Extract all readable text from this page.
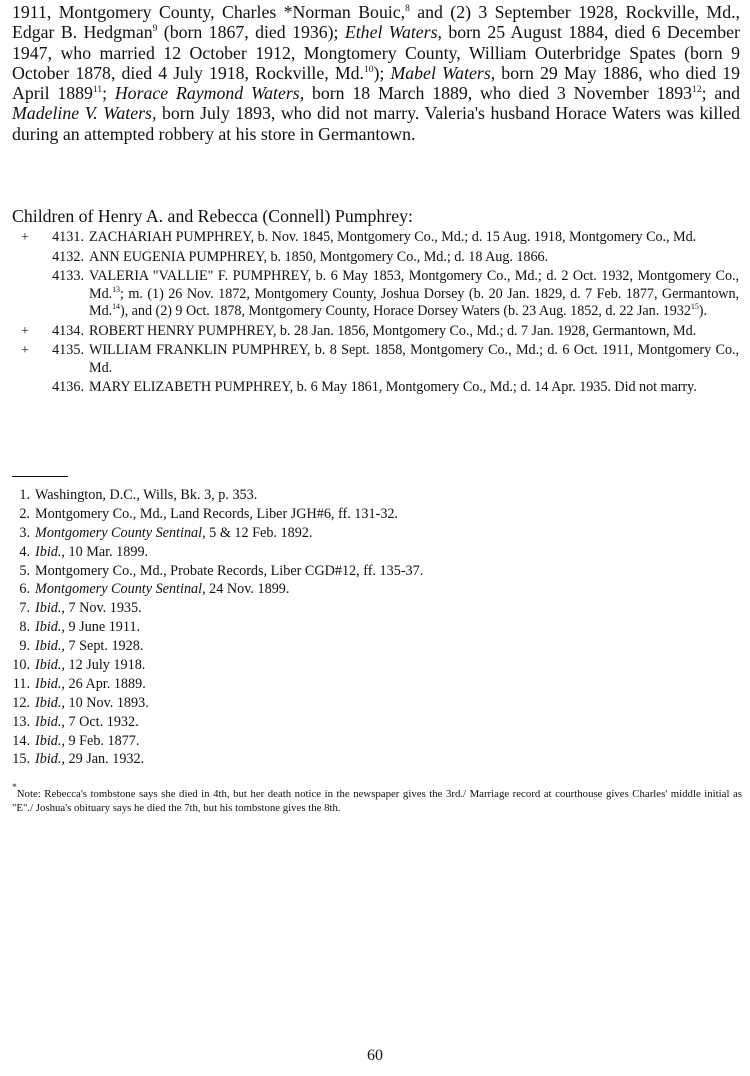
1911, Montgomery County, Charles *Norman Bouic,$^8$ and (2) 3 September 1928, Rockville, Md., Edgar B. Hedgman$^9$ (born 1867, died 1936); Ethel Waters, born 25 August 1884, died 6 December 1947, who married 12 October 1912, Mongtomery County, William Outerbridge Spates (born 9 October 1878, died 4 July 1918, Rockville, Md.$^{10}$); Mabel Waters, born 29 May 1886, who died 19 April 1889$^{11}$; Horace Raymond Waters, born 18 March 1889, who died 3 November 1893$^{12}$; and Madeline V. Waters, born July 1893, who did not marry. Valeria's husband Horace Waters was killed during an attempted robbery at his store in Germantown.
Children of Henry A. and Rebecca (Connell) Pumphrey:
+	4131. ZACHARIAH PUMPHREY, b. Nov. 1845, Montgomery Co., Md.; d. 15 Aug. 1918, Montgomery Co., Md.
4132. ANN EUGENIA PUMPHREY, b. 1850, Montgomery Co., Md.; d. 18 Aug. 1866.
4133. VALERIA "VALLIE" F. PUMPHREY, b. 6 May 1853, Montgomery Co., Md.; d. 2 Oct. 1932, Montgomery Co., Md.$^{13}$; m. (1) 26 Nov. 1872, Montgomery County, Joshua Dorsey (b. 20 Jan. 1829, d. 7 Feb. 1877, Germantown, Md.$^{14}$), and (2) 9 Oct. 1878, Montgomery County, Horace Dorsey Waters (b. 23 Aug. 1852, d. 22 Jan. $1932^{15}$).
+	4134. ROBERT HENRY PUMPHREY, b. 28 Jan. 1856, Montgomery Co., Md.; d. 7 Jan. 1928, Germantown, Md.
+	4135. WILLIAM FRANKLIN PUMPHREY, b. 8 Sept. 1858, Montgomery Co., Md.; d. 6 Oct. 1911, Montgomery Co., Md.
4136. MARY ELIZABETH PUMPHREY, b. 6 May 1861, Montgomery Co., Md.; d. 14 Apr. 1935. Did not marry.
1. Washington, D.C., Wills, Bk. 3, p. 353.
2. Montgomery Co., Md., Land Records, Liber JGH#6, ff. 131-32.
3. Montgomery County Sentinal, 5 & 12 Feb. 1892.
4. Ibid., 10 Mar. 1899.
5. Montgomery Co., Md., Probate Records, Liber CGD#12, ff. 135-37.
6. Montgomery County Sentinal, 24 Nov. 1899.
7. Ibid., 7 Nov. 1935.
8. Ibid., 9 June 1911.
9. Ibid., 7 Sept. 1928.
10. Ibid., 12 July 1918.
11. Ibid., 26 Apr. 1889.
12. Ibid., 10 Nov. 1893.
13. Ibid., 7 Oct. 1932.
14. Ibid., 9 Feb. 1877.
15. Ibid., 29 Jan. 1932.
*Note: Rebecca's tombstone says she died in 4th, but her death notice in the newspaper gives the 3rd./ Marriage record at courthouse gives Charles' middle initial as "E"./ Joshua's obituary says he died the 7th, but his tombstone gives the 8th.
60
